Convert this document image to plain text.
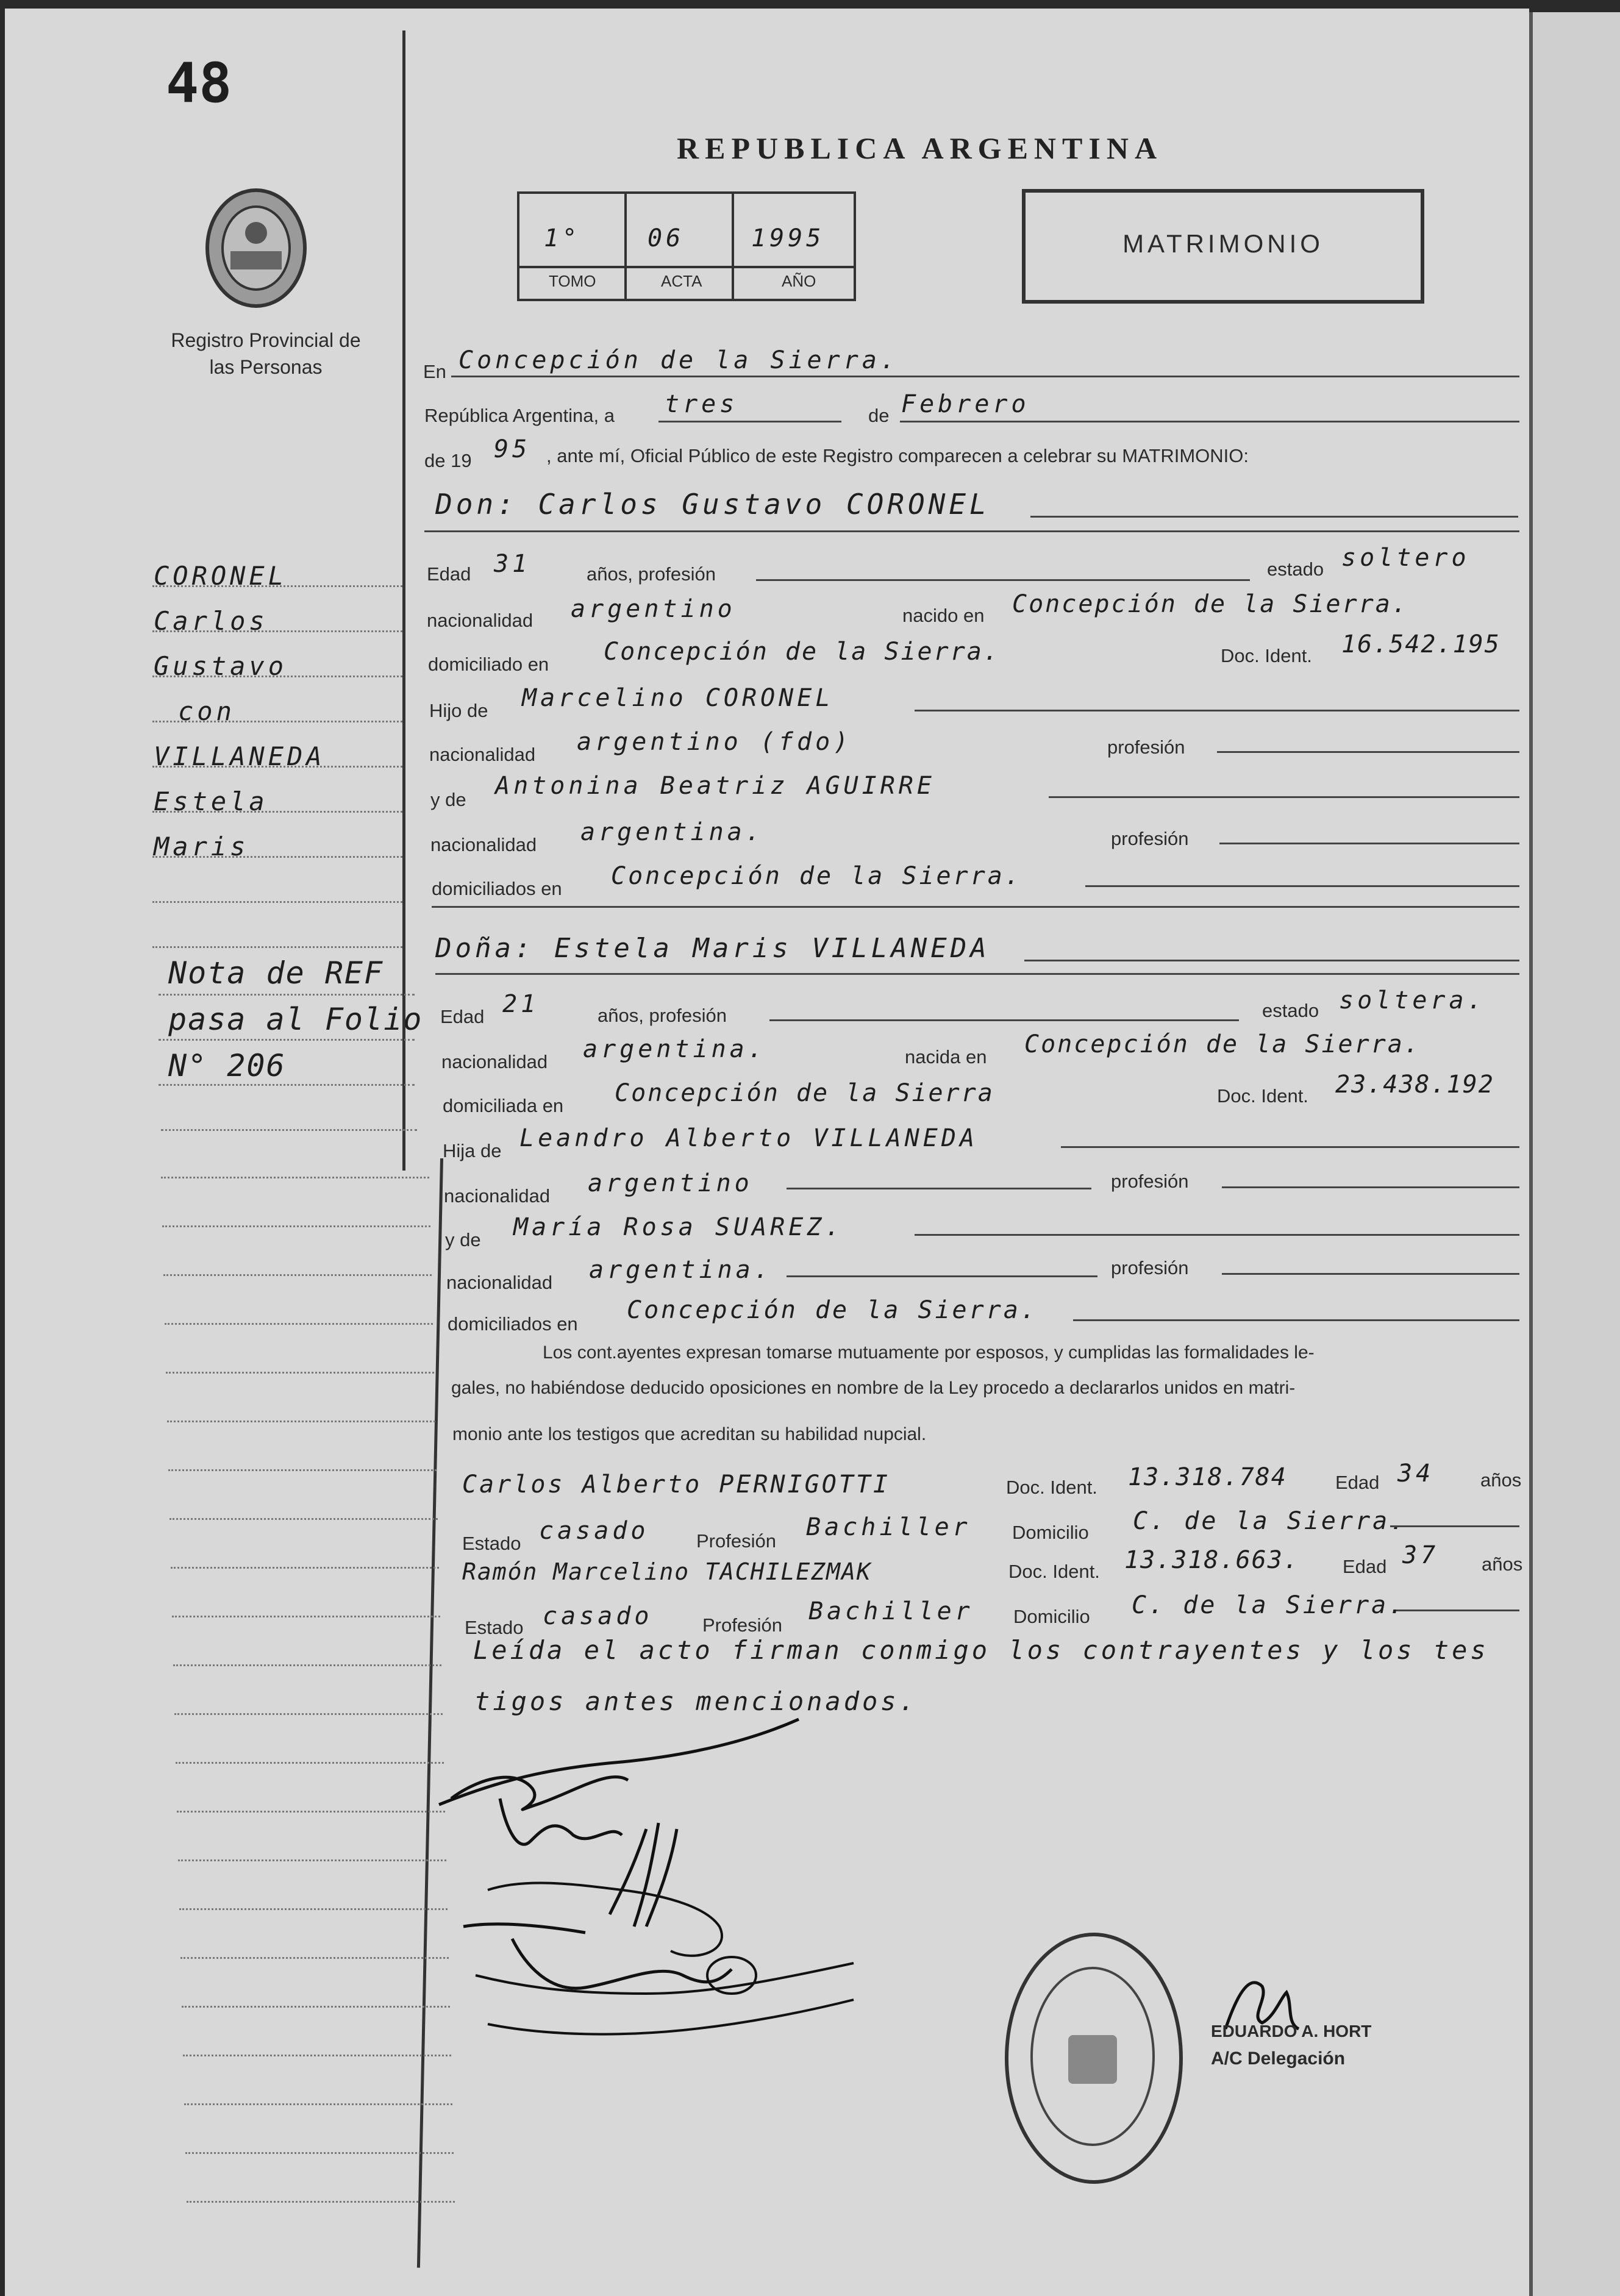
48
Registro Provincial de las Personas
REPUBLICA ARGENTINA
1°	06	1995
TOMO	ACTA	AÑO
MATRIMONIO
CORONEL
Carlos
Gustavo
con
VILLANEDA
Estela
Maris
Nota de REF
pasa al Folio
N° 206
En Concepción de la Sierra.
República Argentina, a tres	de Febrero
de 19 95 , ante mí, Oficial Público de este Registro comparecen a celebrar su MATRIMONIO:
Don: Carlos Gustavo CORONEL
Edad 31	años, profesión	estado soltero
nacionalidad argentino	nacido en Concepción de la Sierra.
domiciliado en Concepción de la Sierra.	Doc. Ident. 16.542.195
Hijo de Marcelino CORONEL
nacionalidad argentino (fdo)	profesión
y de Antonina Beatriz AGUIRRE
nacionalidad argentina.	profesión
domiciliados en Concepción de la Sierra.
Doña: Estela Maris VILLANEDA
Edad 21	años, profesión	estado soltera.
nacionalidad argentina.	nacida en Concepción de la Sierra.
domiciliada en Concepción de la Sierra	Doc. Ident. 23.438.192
Hija de Leandro Alberto VILLANEDA
nacionalidad argentino	profesión
y de María Rosa SUAREZ.
nacionalidad argentina.	profesión
domiciliados en Concepción de la Sierra.
Los cont.ayentes expresan tomarse mutuamente por esposos, y cumplidas las formalidades le-
gales, no habiéndose deducido oposiciones en nombre de la Ley procedo a declararlos unidos en matri-
monio ante los testigos que acreditan su habilidad nupcial.
Carlos Alberto PERNIGOTTI	Doc. Ident. 13.318.784	Edad 34 años
Estado casado	Profesión Bachiller Domicilio C. de la Sierra.
Ramón Marcelino TACHILEZMAK	Doc. Ident. 13.318.663. Edad 37 años
Estado casado	Profesión Bachiller Domicilio C. de la Sierra.
Leída el acto firman conmigo los contrayentes y los tes
tigos antes mencionados.
EDUARDO A. HORT
A/C Delegación
